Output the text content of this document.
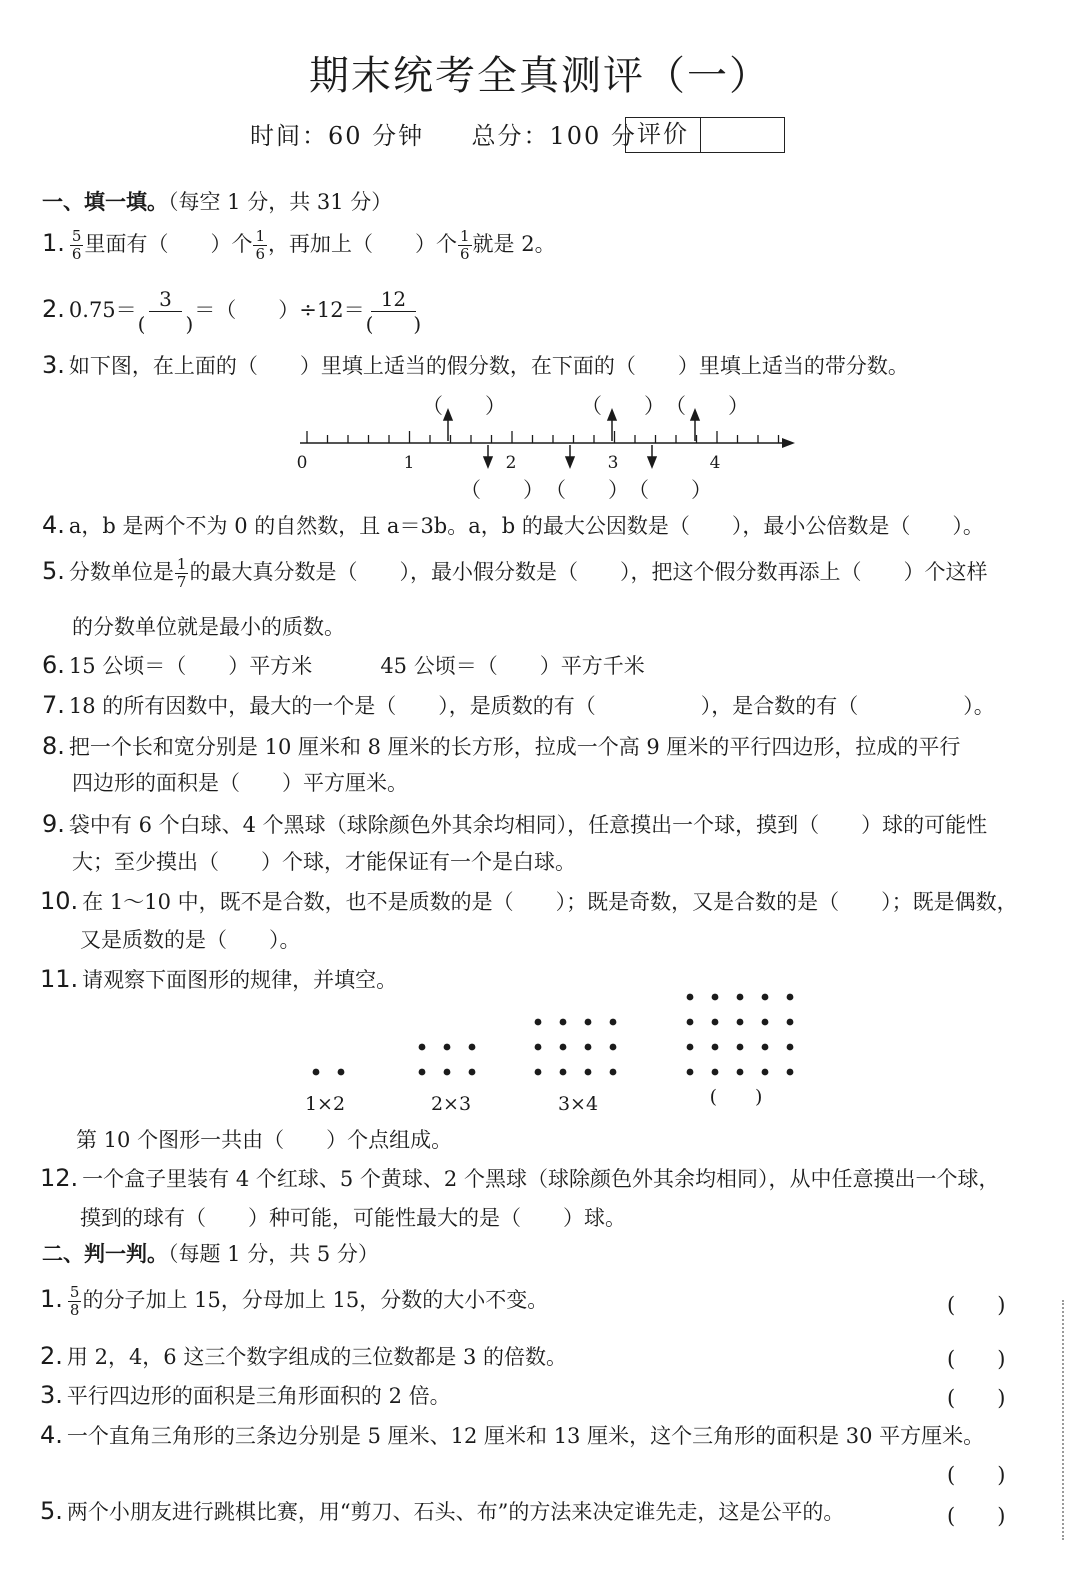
期末统考全真测评（一）
时间：60 分钟 总分：100 分 评价
一、填一填。（每空 1 分，共 31 分）
1. $\frac{5}{6}$ 里面有（　　）个 $\frac{1}{6}$ ，再加上（　　）个 $\frac{1}{6}$ 就是 2。
2. $0.75= \frac{3}{( )}$ ＝（　　）$\div 12= \frac{12}{( )}$
3. 如下图，在上面的（　　）里填上适当的假分数，在下面的（　　）里填上适当的带分数。
0	1	2	3	4
（　　）	（　　） （　　）
（　　） （　　） （　　）
4. a，b 是两个不为 0 的自然数，且 a＝3b。a，b 的最大公因数是（　　），最小公倍数是（　　）。
5. 分数单位是 $\frac{1}{7}$ 的最大真分数是（　　），最小假分数是（　　），把这个假分数再添上（　　）个这样
的分数单位就是最小的质数。
6. 15 公顷＝（　　）平方米	45 公顷＝（　　）平方千米
7. 18 的所有因数中，最大的一个是（　　），是质数的有（　　　　　），是合数的有（　　　　　）。
8. 把一个长和宽分别是 10 厘米和 8 厘米的长方形，拉成一个高 9 厘米的平行四边形，拉成的平行
四边形的面积是（　　）平方厘米。
9. 袋中有 6 个白球、4 个黑球（球除颜色外其余均相同），任意摸出一个球，摸到（　　）球的可能性
大；至少摸出（　　）个球，才能保证有一个是白球。
10. 在 1～10 中，既不是合数，也不是质数的是（　　）；既是奇数，又是合数的是（　　）；既是偶数，
又是质数的是（　　）。
11. 请观察下面图形的规律，并填空。
1×2	2×3	3×4	(　　)
第 10 个图形一共由（　　）个点组成。
12. 一个盒子里装有 4 个红球、5 个黄球、2 个黑球（球除颜色外其余均相同），从中任意摸出一个球，
摸到的球有（　　）种可能，可能性最大的是（　　）球。
二、判一判。（每题 1 分，共 5 分）
1. $\frac{5}{8}$ 的分子加上 15，分母加上 15，分数的大小不变。
2. 用 2，4，6 这三个数字组成的三位数都是 3 的倍数。
3. 平行四边形的面积是三角形面积的 2 倍。
4. 一个直角三角形的三条边分别是 5 厘米、12 厘米和 13 厘米，这个三角形的面积是 30 平方厘米。
5. 两个小朋友进行跳棋比赛，用“剪刀、石头、布”的方法来决定谁先走，这是公平的。
(　　)
(　　)
(　　)
(　　)
(　　)
